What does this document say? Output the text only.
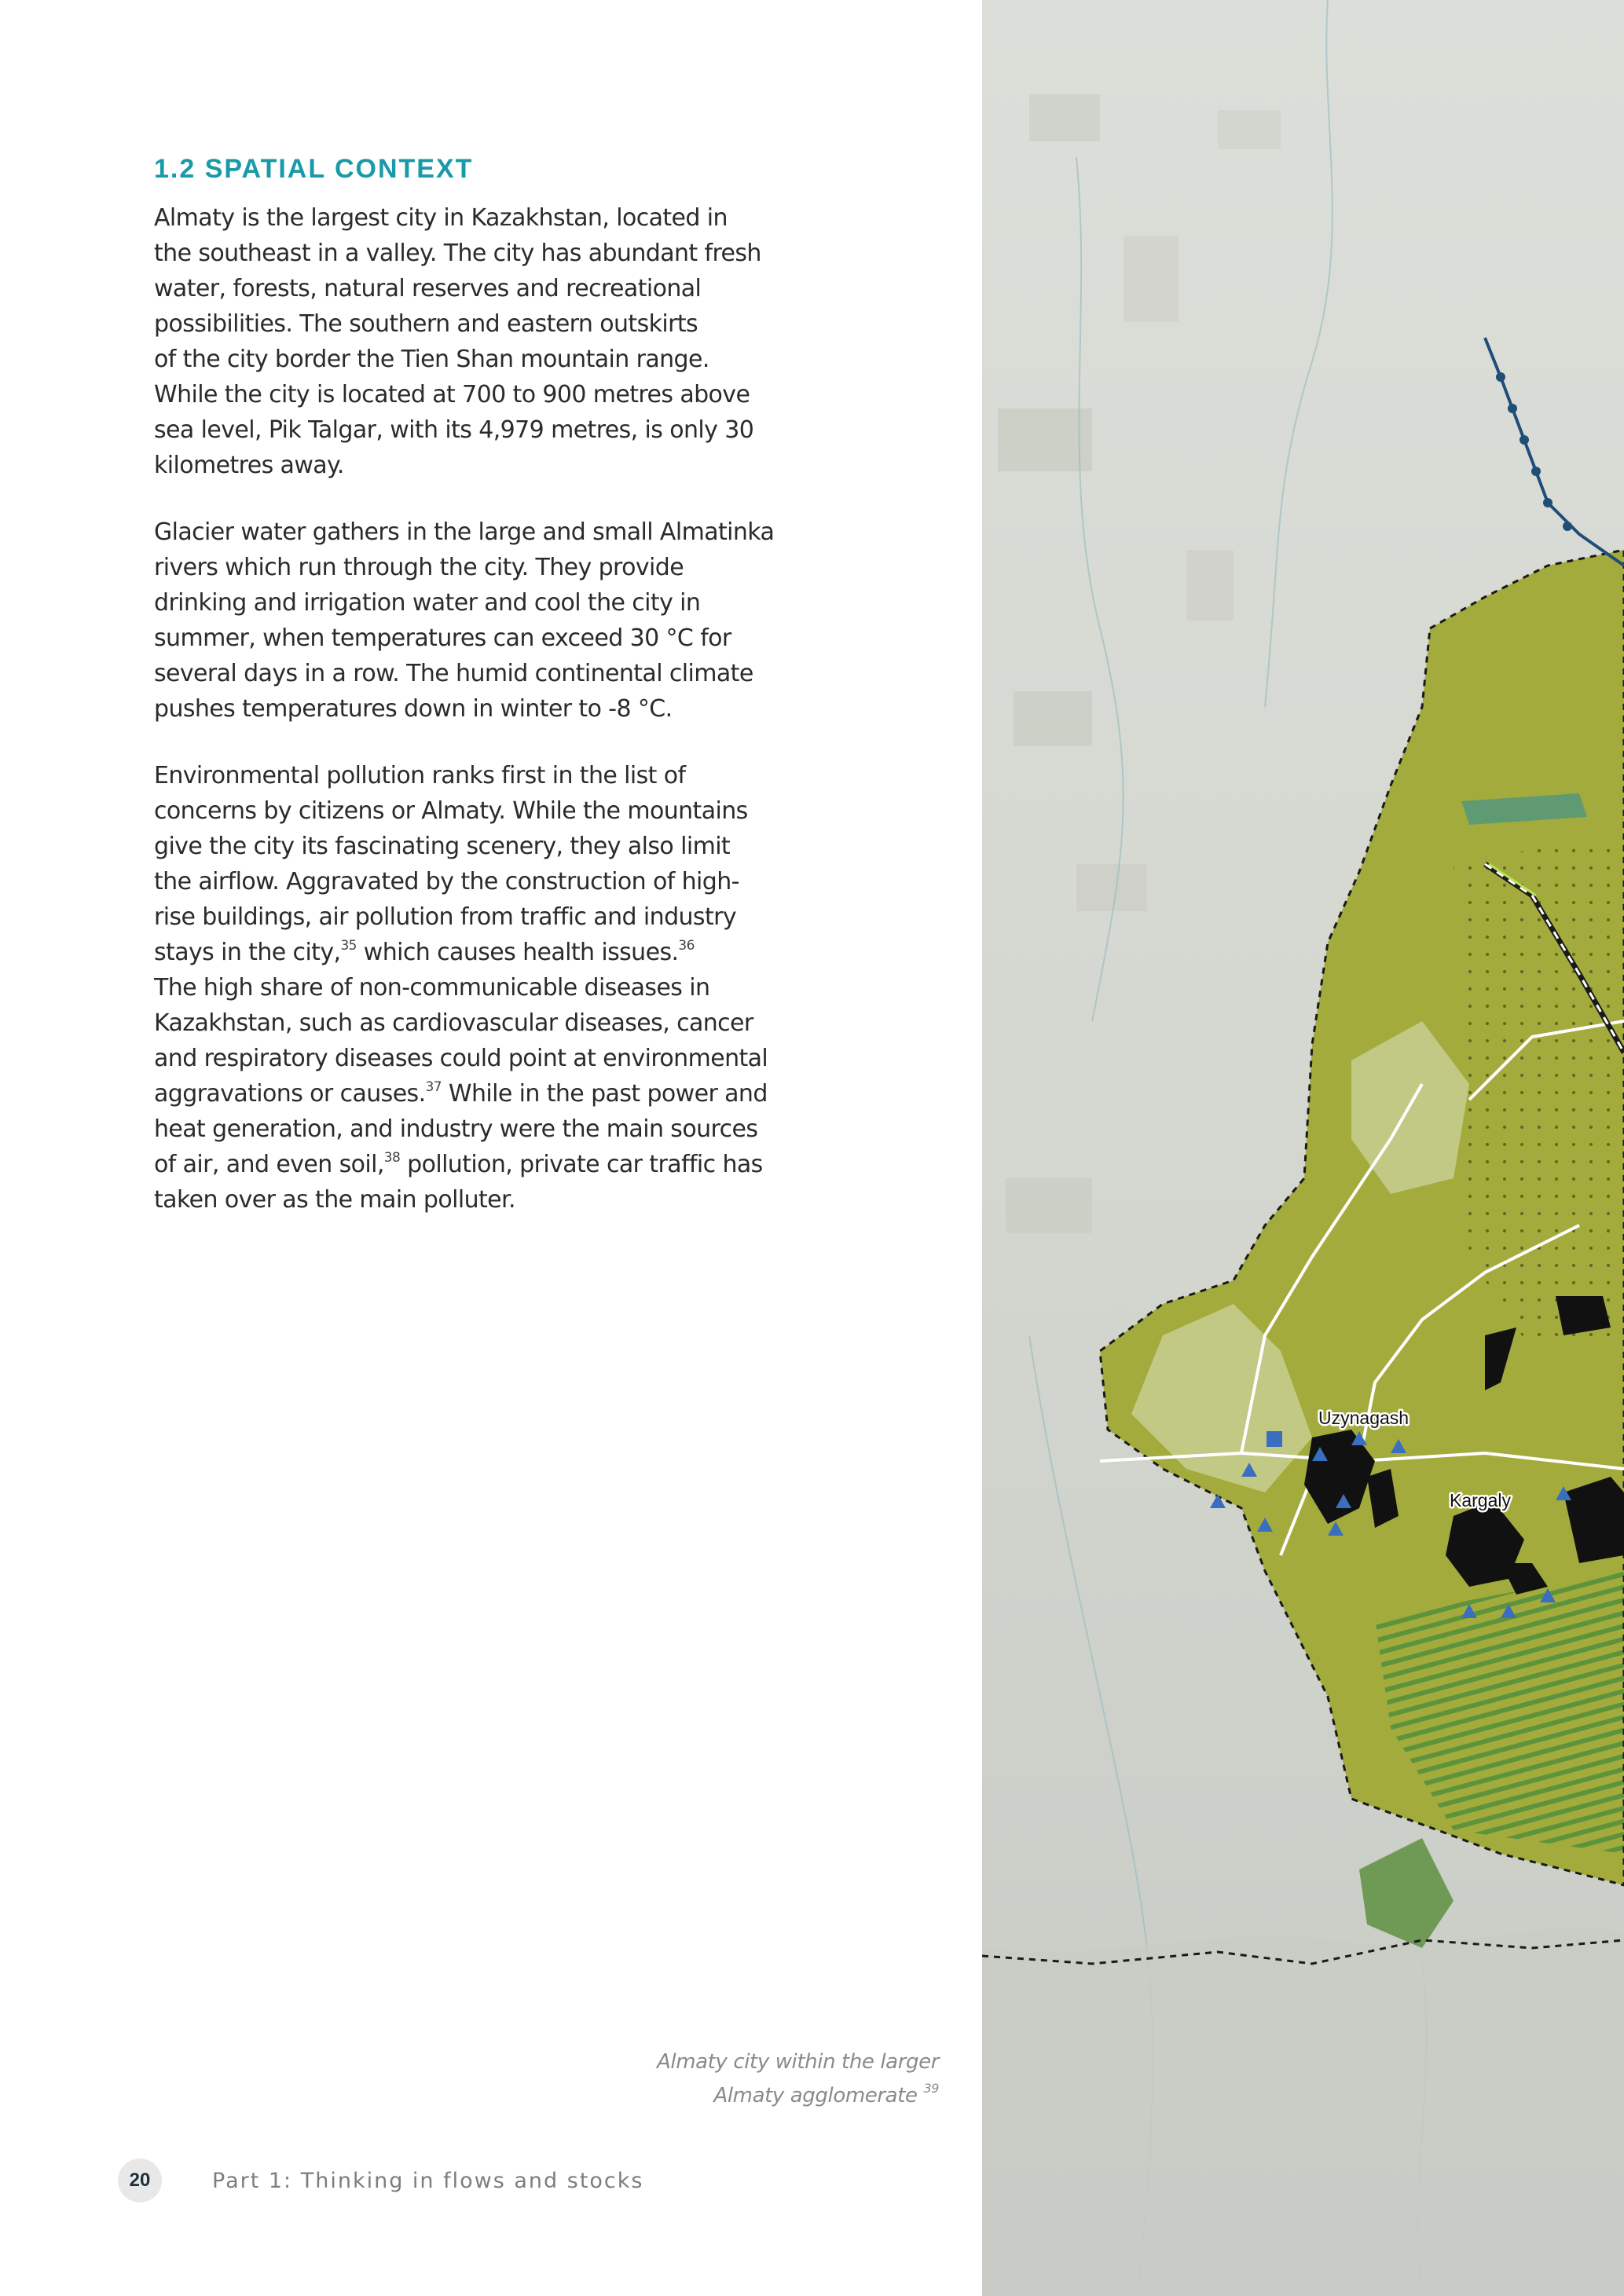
1.2 SPATIAL CONTEXT

Almaty is the largest city in Kazakhstan, located in
the southeast in a valley. The city has abundant fresh
water, forests, natural reserves and recreational
possibilities. The southern and eastern outskirts
of the city border the Tien Shan mountain range.
While the city is located at 700 to 900 metres above
sea level, Pik Talgar, with its 4,979 metres, is only 30
kilometres away.

Glacier water gathers in the large and small Almatinka
rivers which run through the city. They provide
drinking and irrigation water and cool the city in
summer, when temperatures can exceed 30 °C for
several days in a row. The humid continental climate
pushes temperatures down in winter to -8 °C.

Environmental pollution ranks first in the list of
concerns by citizens or Almaty. While the mountains
give the city its fascinating scenery, they also limit
the airflow. Aggravated by the construction of high-
rise buildings, air pollution from traffic and industry
stays in the city,$^{35}$ which causes health issues.$^{36}$
The high share of non-communicable diseases in
Kazakhstan, such as cardiovascular diseases, cancer
and respiratory diseases could point at environmental
aggravations or causes.$^{37}$ While in the past power and
heat generation, and industry were the main sources
of air, and even soil,$^{38}$ pollution, private car traffic has
taken over as the main polluter.

Almaty city within the larger
Almaty agglomerate $^{39}$
20	Part 1: Thinking in flows and stocks
Uzynagash
Kargaly
